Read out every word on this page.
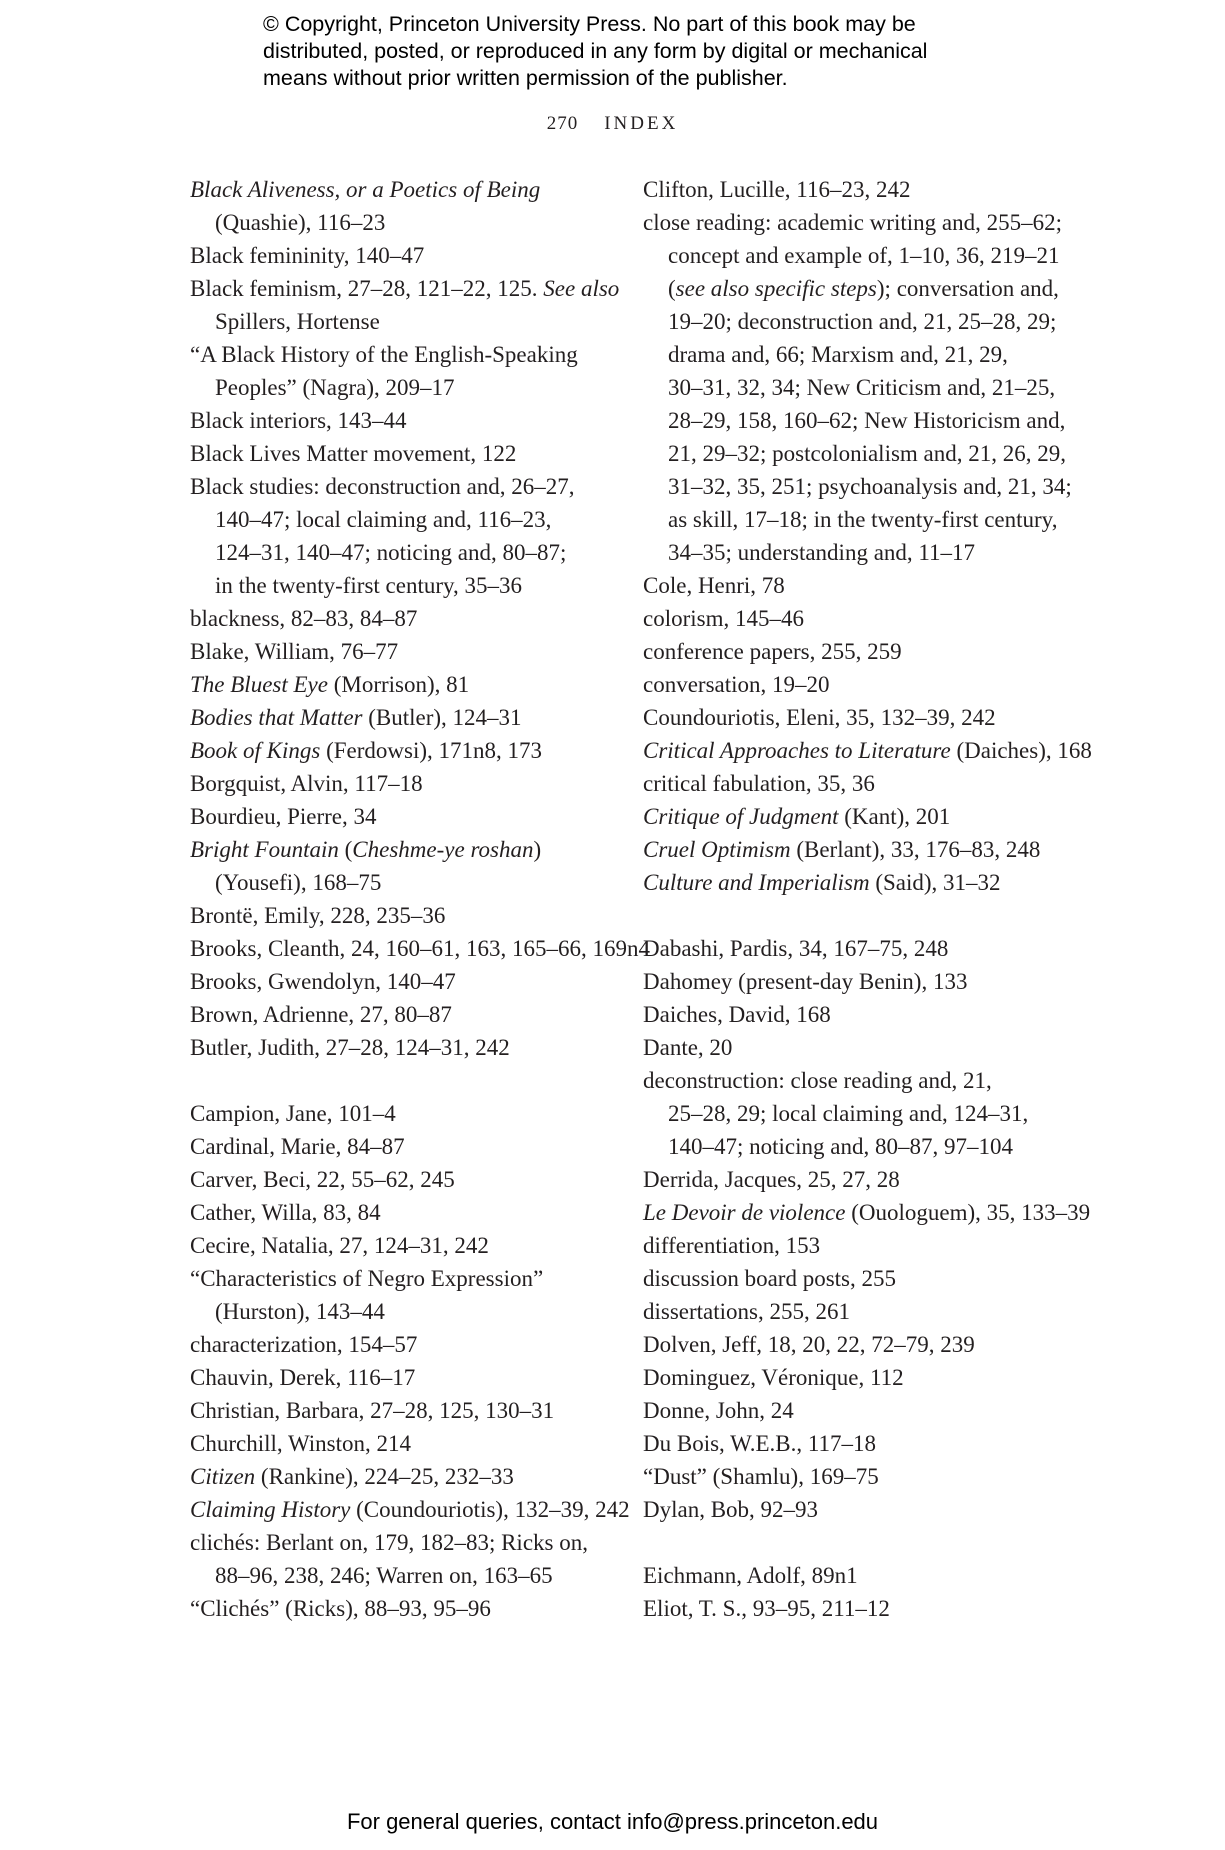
© Copyright, Princeton University Press. No part of this book may be
distributed, posted, or reproduced in any form by digital or mechanical
means without prior written permission of the publisher.
270 INDEX
Black Aliveness, or a Poetics of Being
(Quashie), 116–23
Black femininity, 140–47
Black feminism, 27–28, 121–22, 125. See also
Spillers, Hortense
“A Black History of the English-Speaking
Peoples” (Nagra), 209–17
Black interiors, 143–44
Black Lives Matter movement, 122
Black studies: deconstruction and, 26–27,
140–47; local claiming and, 116–23,
124–31, 140–47; noticing and, 80–87;
in the twenty-first century, 35–36
blackness, 82–83, 84–87
Blake, William, 76–77
The Bluest Eye (Morrison), 81
Bodies that Matter (Butler), 124–31
Book of Kings (Ferdowsi), 171n8, 173
Borgquist, Alvin, 117–18
Bourdieu, Pierre, 34
Bright Fountain (Cheshme-ye roshan)
(Yousefi), 168–75
Brontë, Emily, 228, 235–36
Brooks, Cleanth, 24, 160–61, 163, 165–66, 169n4
Brooks, Gwendolyn, 140–47
Brown, Adrienne, 27, 80–87
Butler, Judith, 27–28, 124–31, 242
Campion, Jane, 101–4
Cardinal, Marie, 84–87
Carver, Beci, 22, 55–62, 245
Cather, Willa, 83, 84
Cecire, Natalia, 27, 124–31, 242
“Characteristics of Negro Expression”
(Hurston), 143–44
characterization, 154–57
Chauvin, Derek, 116–17
Christian, Barbara, 27–28, 125, 130–31
Churchill, Winston, 214
Citizen (Rankine), 224–25, 232–33
Claiming History (Coundouriotis), 132–39, 242
clichés: Berlant on, 179, 182–83; Ricks on,
88–96, 238, 246; Warren on, 163–65
“Clichés” (Ricks), 88–93, 95–96
Clifton, Lucille, 116–23, 242
close reading: academic writing and, 255–62;
concept and example of, 1–10, 36, 219–21
(see also specific steps); conversation and,
19–20; deconstruction and, 21, 25–28, 29;
drama and, 66; Marxism and, 21, 29,
30–31, 32, 34; New Criticism and, 21–25,
28–29, 158, 160–62; New Historicism and,
21, 29–32; postcolonialism and, 21, 26, 29,
31–32, 35, 251; psychoanalysis and, 21, 34;
as skill, 17–18; in the twenty-first century,
34–35; understanding and, 11–17
Cole, Henri, 78
colorism, 145–46
conference papers, 255, 259
conversation, 19–20
Coundouriotis, Eleni, 35, 132–39, 242
Critical Approaches to Literature (Daiches), 168
critical fabulation, 35, 36
Critique of Judgment (Kant), 201
Cruel Optimism (Berlant), 33, 176–83, 248
Culture and Imperialism (Said), 31–32
Dabashi, Pardis, 34, 167–75, 248
Dahomey (present-day Benin), 133
Daiches, David, 168
Dante, 20
deconstruction: close reading and, 21,
25–28, 29; local claiming and, 124–31,
140–47; noticing and, 80–87, 97–104
Derrida, Jacques, 25, 27, 28
Le Devoir de violence (Ouologuem), 35, 133–39
differentiation, 153
discussion board posts, 255
dissertations, 255, 261
Dolven, Jeff, 18, 20, 22, 72–79, 239
Dominguez, Véronique, 112
Donne, John, 24
Du Bois, W.E.B., 117–18
“Dust” (Shamlu), 169–75
Dylan, Bob, 92–93
Eichmann, Adolf, 89n1
Eliot, T. S., 93–95, 211–12
For general queries, contact info@press.princeton.edu
